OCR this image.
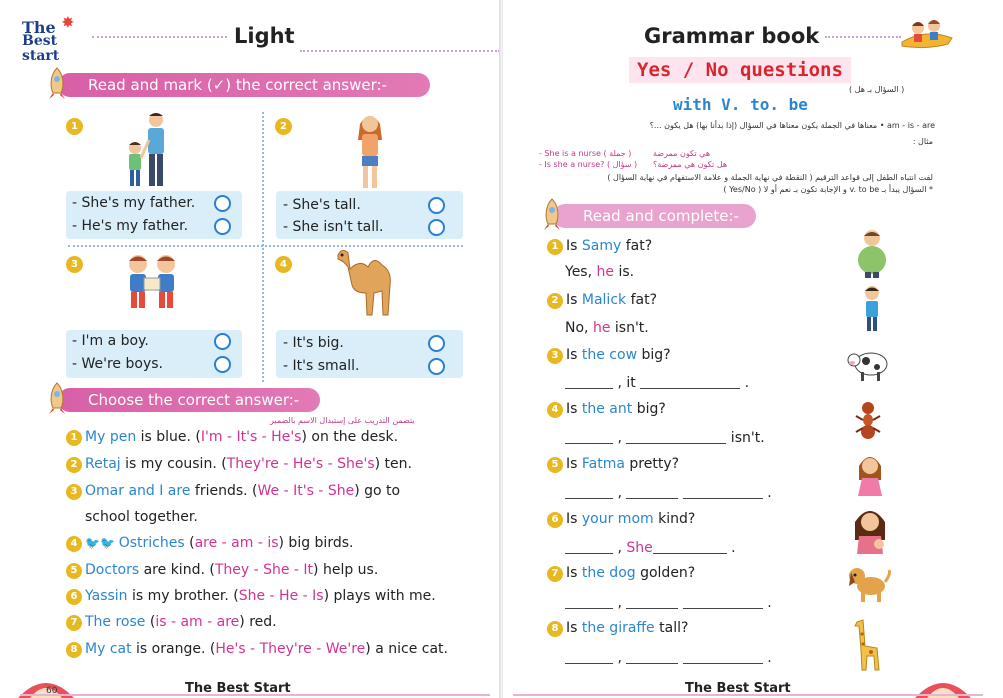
The ✸
Best start
Light
Read and mark (✓) the correct answer:-
1
- She's my father.
- He's my father.
2
- She's tall.
- She isn't tall.
3
- I'm a boy.
- We're boys.
4
- It's big.
- It's small.
Choose the correct answer:-
يتضمن التدريب على إستبدال الاسم بالضمير
1 My pen is blue. (I'm - It's - He's) on the desk.
2 Retaj is my cousin. (They're - He's - She's) ten.
3 Omar and I are friends. (We - It's - She) go to
school together.
4 🐦🐦 Ostriches (are - am - is) big birds.
5 Doctors are kind. (They - She - It) help us.
6 Yassin is my brother. (She - He - Is) plays with me.
7 The rose (is - am - are) red.
8 My cat is orange. (He's - They're - We're) a nice cat.
60	The Best Start
Grammar book
Yes / No questions
with V. to. be
( السؤال بـ هل )
am - is - are • معناها في الجملة يكون معناها في السؤال (إذا بدأنا بها) هل يكون ...؟
مثال :
- She is a nurse ( جملة )	هي تكون ممرضة
- Is she a nurse? ( سؤال ) هل تكون هي ممرضة؟
لفت انتباه الطفل إلى قواعد الترقيم ( النقطة في نهاية الجملة و علامة الاستفهام في نهاية السؤال )
* السؤال يبدأ بـ v. to be و الإجابة تكون بـ نعم أو لا ( Yes/No )
Read and complete:-
1 Is Samy fat?
Yes, he is.
2 Is Malick fat?
No, he isn't.
3 Is the cow big?
, it	.
4 Is the ant big?
,	isn't.
5 Is Fatma pretty?
,	.
6 Is your mom kind?
, She	.
7 Is the dog golden?
,	.
8 Is the giraffe tall?
,	.
The Best Start
